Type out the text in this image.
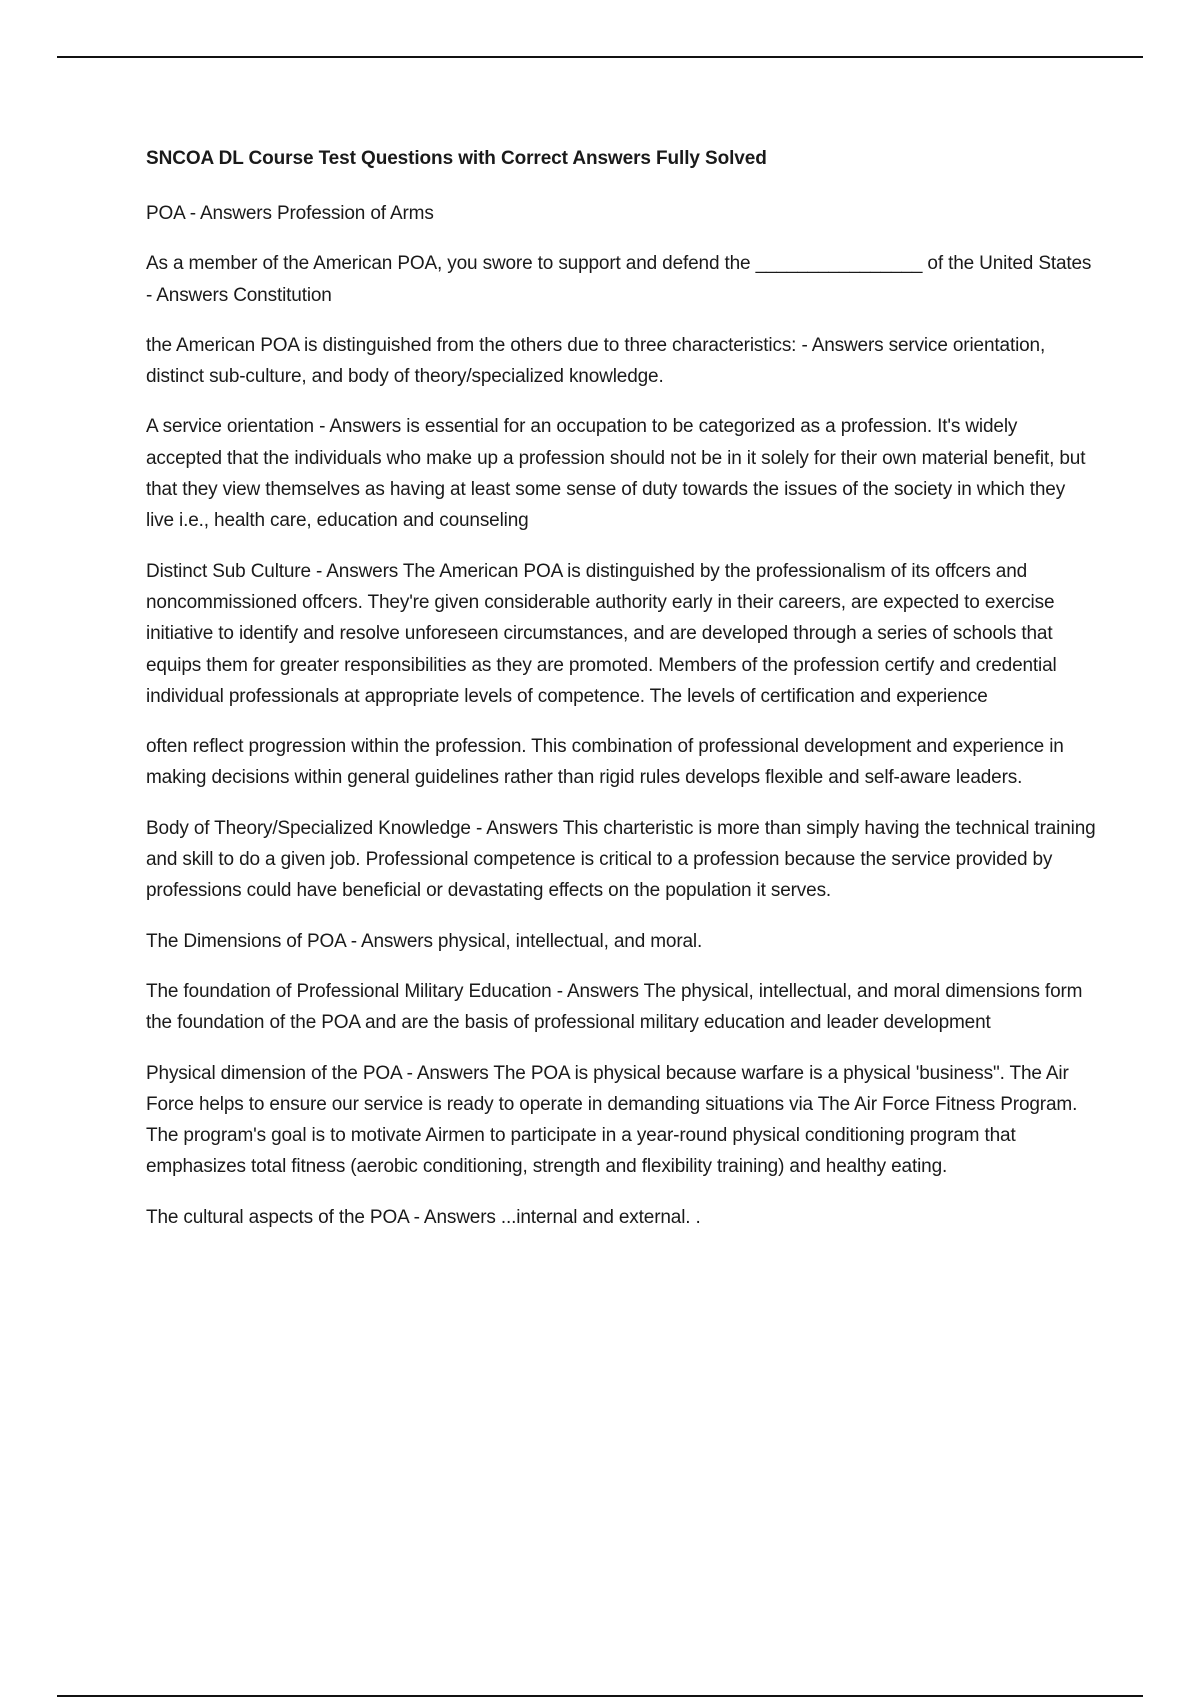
SNCOA DL Course Test Questions with Correct Answers Fully Solved

POA - Answers Profession of Arms

As a member of the American POA, you swore to support and defend the ________________ of the United States - Answers Constitution

the American POA is distinguished from the others due to three characteristics: - Answers service orientation, distinct sub-culture, and body of theory/specialized knowledge.

A service orientation - Answers is essential for an occupation to be categorized as a profession. It's widely accepted that the individuals who make up a profession should not be in it solely for their own material benefit, but that they view themselves as having at least some sense of duty towards the issues of the society in which they live i.e., health care, education and counseling

Distinct Sub Culture - Answers The American POA is distinguished by the professionalism of its offcers and noncommissioned offcers. They're given considerable authority early in their careers, are expected to exercise initiative to identify and resolve unforeseen circumstances, and are developed through a series of schools that equips them for greater responsibilities as they are promoted. Members of the profession certify and credential individual professionals at appropriate levels of competence. The levels of certification and experience

often reflect progression within the profession. This combination of professional development and experience in making decisions within general guidelines rather than rigid rules develops flexible and self-aware leaders.

Body of Theory/Specialized Knowledge - Answers This charteristic is more than simply having the technical training and skill to do a given job. Professional competence is critical to a profession because the service provided by professions could have beneficial or devastating effects on the population it serves.

The Dimensions of POA - Answers physical, intellectual, and moral.

The foundation of Professional Military Education - Answers The physical, intellectual, and moral dimensions form the foundation of the POA and are the basis of professional military education and leader development

Physical dimension of the POA - Answers The POA is physical because warfare is a physical 'business". The Air Force helps to ensure our service is ready to operate in demanding situations via The Air Force Fitness Program. The program's goal is to motivate Airmen to participate in a year-round physical conditioning program that emphasizes total fitness (aerobic conditioning, strength and flexibility training) and healthy eating.

The cultural aspects of the POA - Answers ...internal and external. .
